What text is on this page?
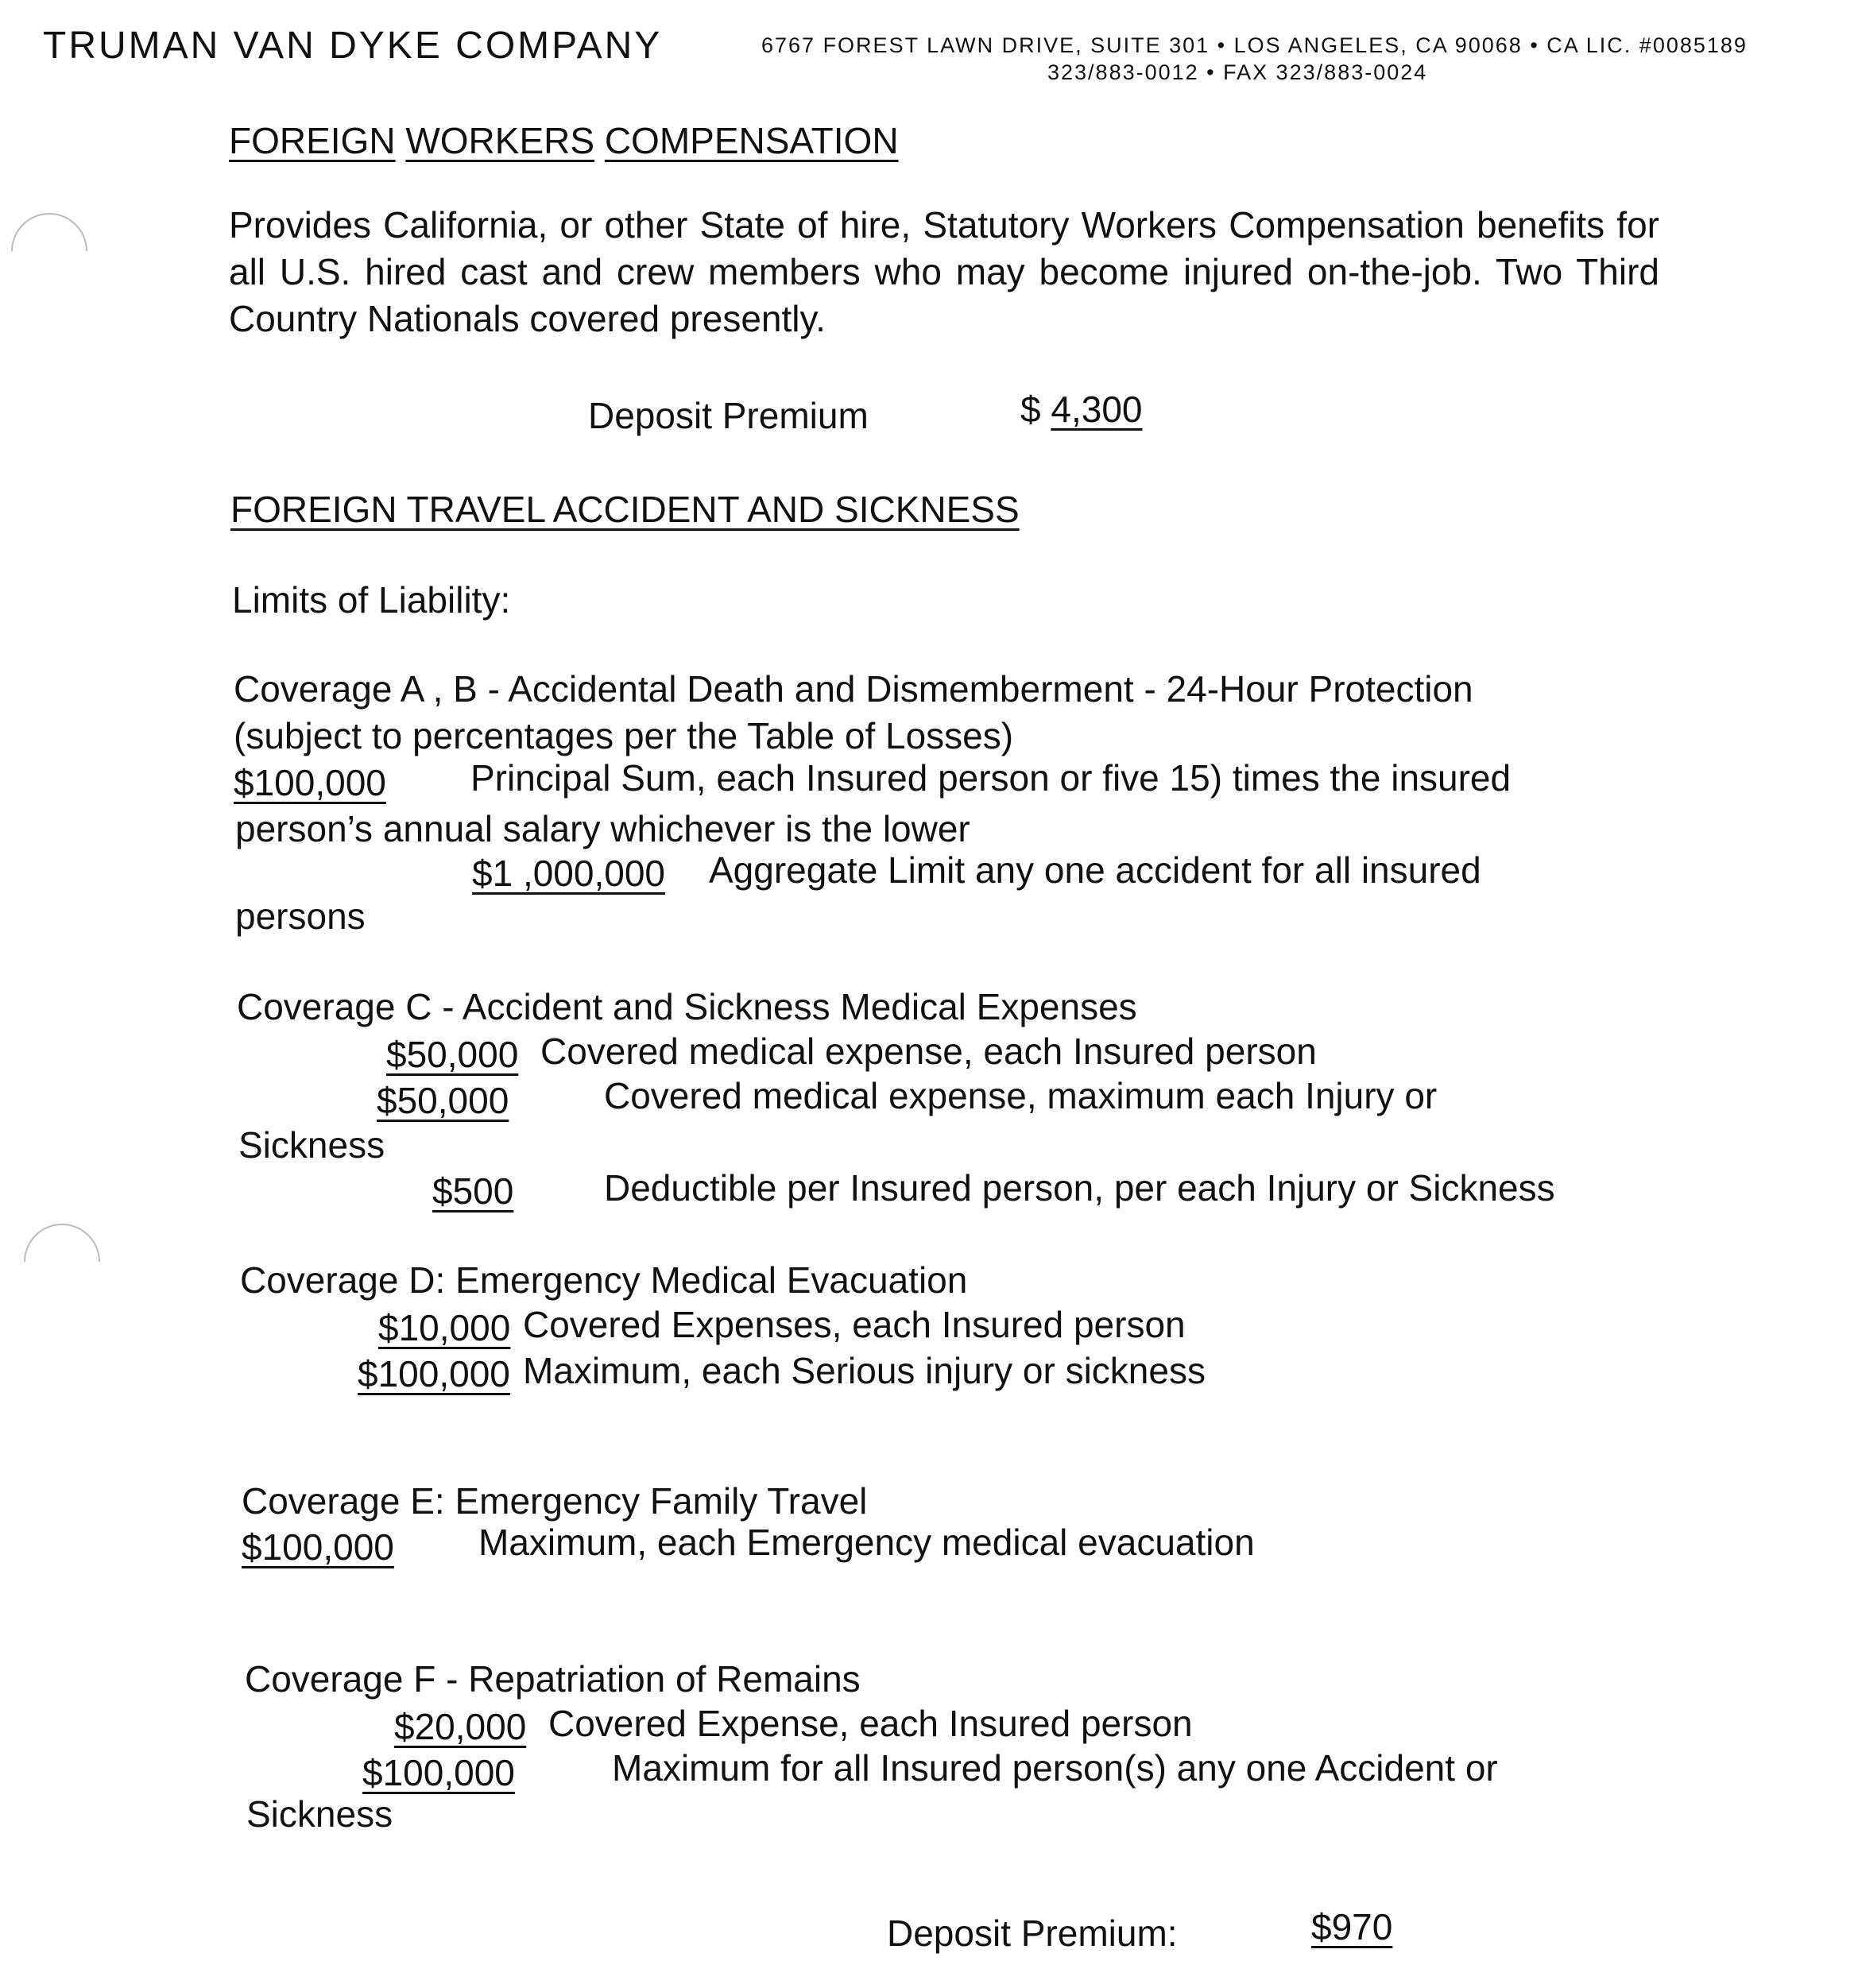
TRUMAN VAN DYKE COMPANY	6767 FOREST LAWN DRIVE, SUITE 301 • LOS ANGELES, CA 90068 • CA LIC. #0085189
323/883-0012 • FAX 323/883-0024
FOREIGN WORKERS COMPENSATION
Provides California, or other State of hire, Statutory Workers Compensation benefits for all U.S. hired cast and crew members who may become injured on-the-job. Two Third Country Nationals covered presently.
Deposit Premium	$ 4,300
FOREIGN TRAVEL ACCIDENT AND SICKNESS
Limits of Liability:
Coverage A , B - Accidental Death and Dismemberment - 24-Hour Protection
(subject to percentages per the Table of Losses)
$100,000 Principal Sum, each Insured person or five 15) times the insured
person’s annual salary whichever is the lower
$1 ,000,000 Aggregate Limit any one accident for all insured
persons
Coverage C - Accident and Sickness Medical Expenses
$50,000 Covered medical expense, each Insured person
$50,000	Covered medical expense, maximum each Injury or
Sickness
$500 Deductible per Insured person, per each Injury or Sickness
Coverage D: Emergency Medical Evacuation
$10,000 Covered Expenses, each Insured person
$100,000 Maximum, each Serious injury or sickness
Coverage E: Emergency Family Travel
$100,000 Maximum, each Emergency medical evacuation
Coverage F - Repatriation of Remains
$20,000 Covered Expense, each Insured person
$100,000	Maximum for all Insured person(s) any one Accident or
Sickness
Deposit Premium:	$970
